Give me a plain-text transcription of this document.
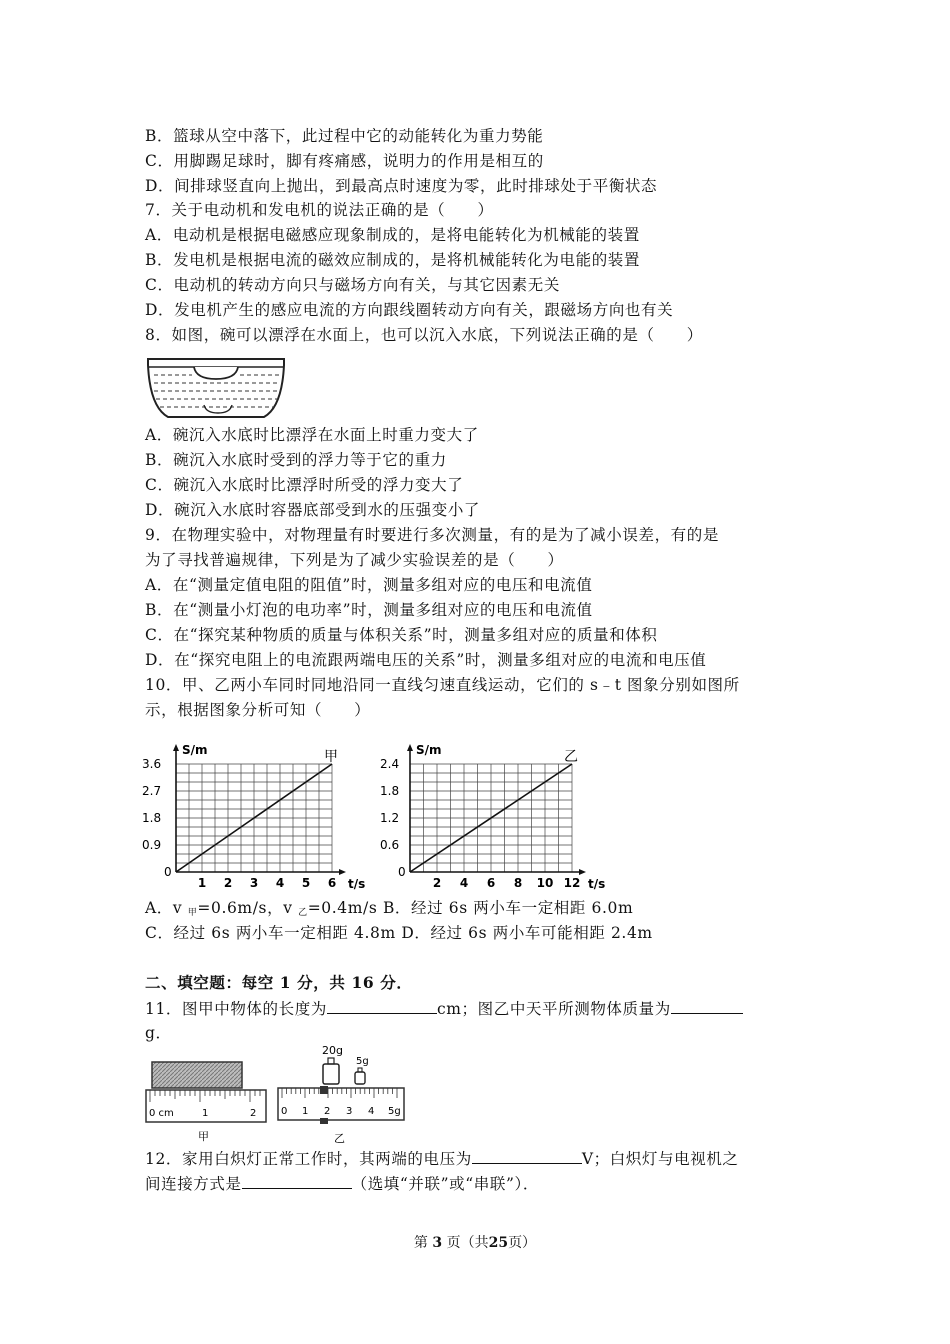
B．篮球从空中落下，此过程中它的动能转化为重力势能
C．用脚踢足球时，脚有疼痛感，说明力的作用是相互的
D．间排球竖直向上抛出，到最高点时速度为零，此时排球处于平衡状态
7．关于电动机和发电机的说法正确的是（　　）
A．电动机是根据电磁感应现象制成的，是将电能转化为机械能的装置
B．发电机是根据电流的磁效应制成的，是将机械能转化为电能的装置
C．电动机的转动方向只与磁场方向有关，与其它因素无关
D．发电机产生的感应电流的方向跟线圈转动方向有关，跟磁场方向也有关
8．如图，碗可以漂浮在水面上，也可以沉入水底，下列说法正确的是（　　）
A．碗沉入水底时比漂浮在水面上时重力变大了
B．碗沉入水底时受到的浮力等于它的重力
C．碗沉入水底时比漂浮时所受的浮力变大了
D．碗沉入水底时容器底部受到水的压强变小了
9．在物理实验中，对物理量有时要进行多次测量，有的是为了减小误差，有的是
为了寻找普遍规律，下列是为了减少实验误差的是（　　）
A．在“测量定值电阻的阻值”时，测量多组对应的电压和电流值
B．在“测量小灯泡的电功率”时，测量多组对应的电压和电流值
C．在“探究某种物质的质量与体积关系”时，测量多组对应的质量和体积
D．在“探究电阻上的电流跟两端电压的关系”时，测量多组对应的电流和电压值
10．甲、乙两小车同时同地沿同一直线匀速直线运动，它们的 s﹣t 图象分别如图所
示，根据图象分析可知（　　）
1 2 3 4 5 6
0.9
1.8
2.7
3.6
0
S/m
t/s
甲
2 4 6 8 10 12
0.6
1.2
1.8
2.4
0
S/m
t/s
乙
A．v $_甲$=0.6m/s，v $_乙$=0.4m/s B．经过 6s 两小车一定相距 6.0m
C．经过 6s 两小车一定相距 4.8m D．经过 6s 两小车可能相距 2.4m
二、填空题：每空 1 分，共 16 分．
11．图甲中物体的长度为	cm；图乙中天平所测物体质量为
g．
0 cm	1	2
甲
20g
5g
0 1 2 3 4 5g
乙
12．家用白炽灯正常工作时，其两端的电压为	V；白炽灯与电视机之
间连接方式是	（选填“并联”或“串联”）．
第 3 页（共25页）
